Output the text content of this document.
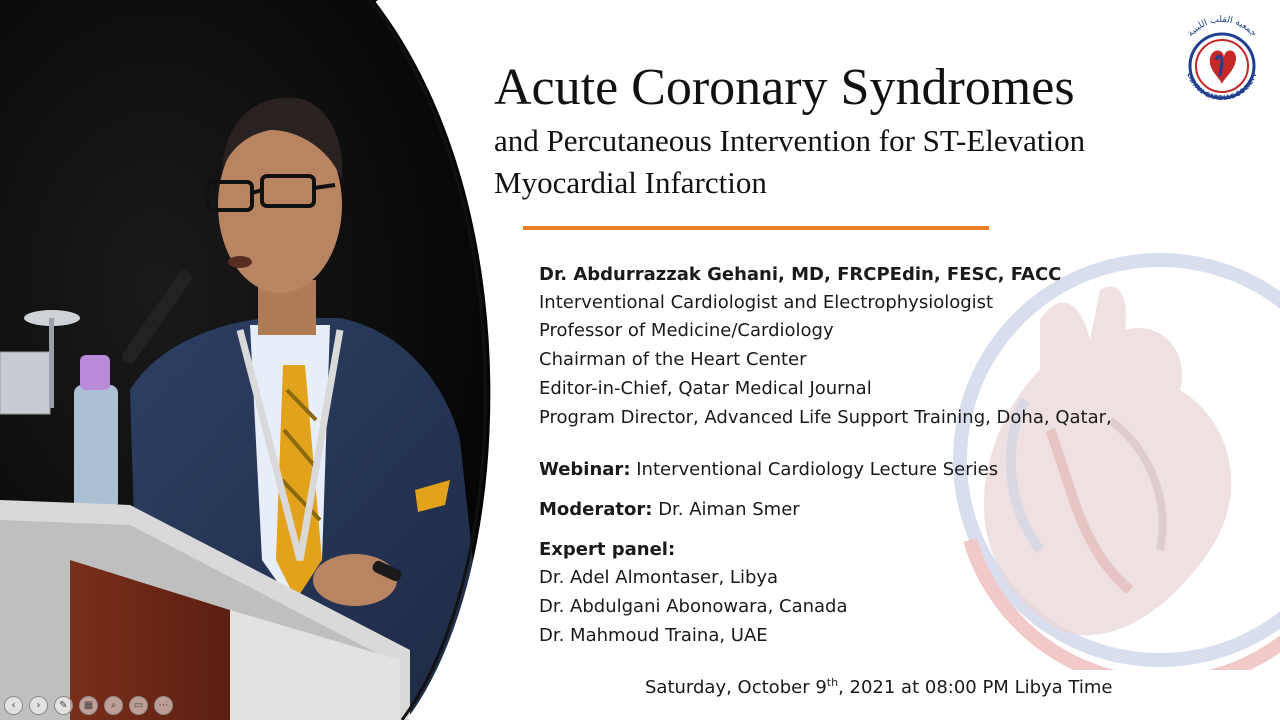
LIBYAN CARDIAC SOCIETY
جمعية القلب الليبية
Acute Coronary Syndromes
and Percutaneous Intervention for ST-Elevation Myocardial Infarction
Dr. Abdurrazzak Gehani, MD, FRCPEdin, FESC, FACC
Interventional Cardiologist and Electrophysiologist
Professor of Medicine/Cardiology
Chairman of the Heart Center
Editor-in-Chief, Qatar Medical Journal
Program Director, Advanced Life Support Training, Doha, Qatar,
Webinar: Interventional Cardiology Lecture Series
Moderator: Dr. Aiman Smer
Expert panel:
Dr. Adel Almontaser, Libya
Dr. Abdulgani Abonowara, Canada
Dr. Mahmoud Traina, UAE
Saturday, October 9th, 2021 at 08:00 PM Libya Time
‹	›	✎	▦	⌕	▭	⋯
